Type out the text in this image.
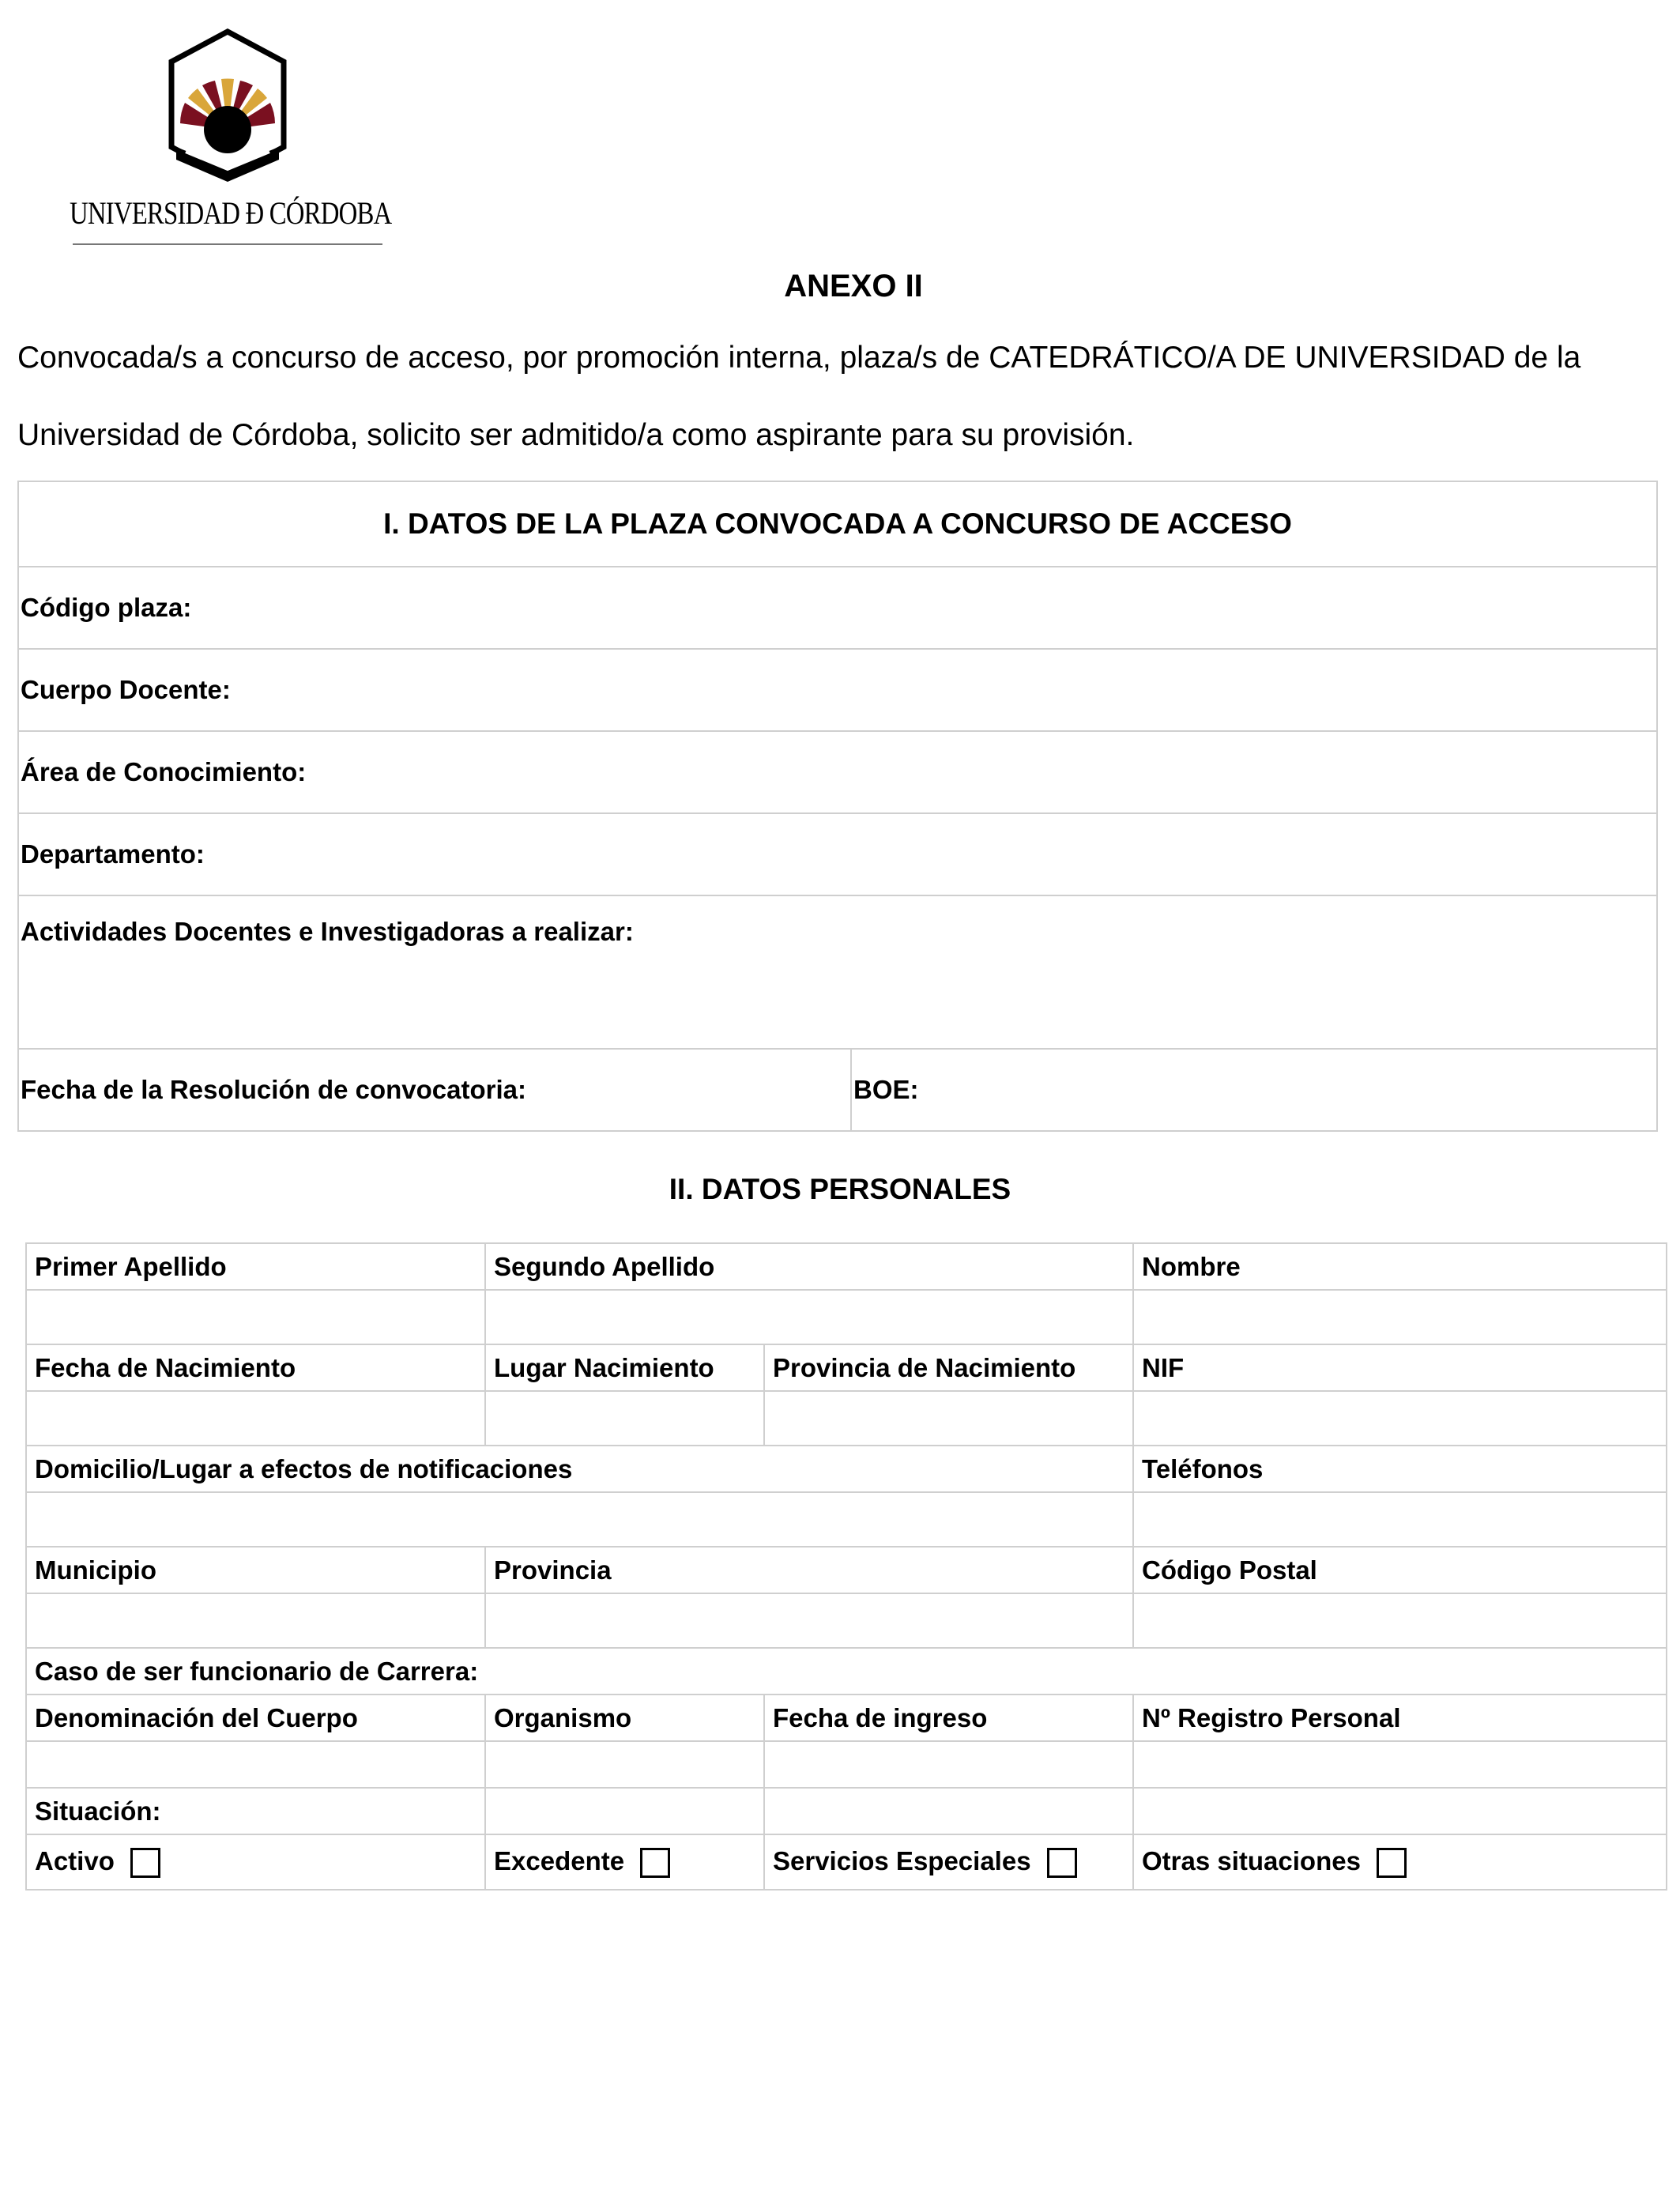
UNIVERSIDAD Ð CÓRDOBA
ANEXO II
Convocada/s a concurso de acceso, por promoción interna, plaza/s de CATEDRÁTICO/A DE UNIVERSIDAD de la Universidad de Córdoba, solicito ser admitido/a como aspirante para su provisión.
I. DATOS DE LA PLAZA CONVOCADA A CONCURSO DE ACCESO
Código plaza:
Cuerpo Docente:
Área de Conocimiento:
Departamento:
Actividades Docentes e Investigadoras a realizar:
Fecha de la Resolución de convocatoria:	BOE:
II. DATOS PERSONALES
Primer Apellido	Segundo Apellido		Nombre

Fecha de Nacimiento	Lugar Nacimiento	Provincia de Nacimiento	NIF

Domicilio/Lugar a efectos de notificaciones			Teléfonos

Municipio	Provincia		Código Postal

Caso de ser funcionario de Carrera:			
Denominación del Cuerpo	Organismo	Fecha de ingreso	Nº Registro Personal

Situación:			
Activo	Excedente	Servicios Especiales	Otras situaciones
